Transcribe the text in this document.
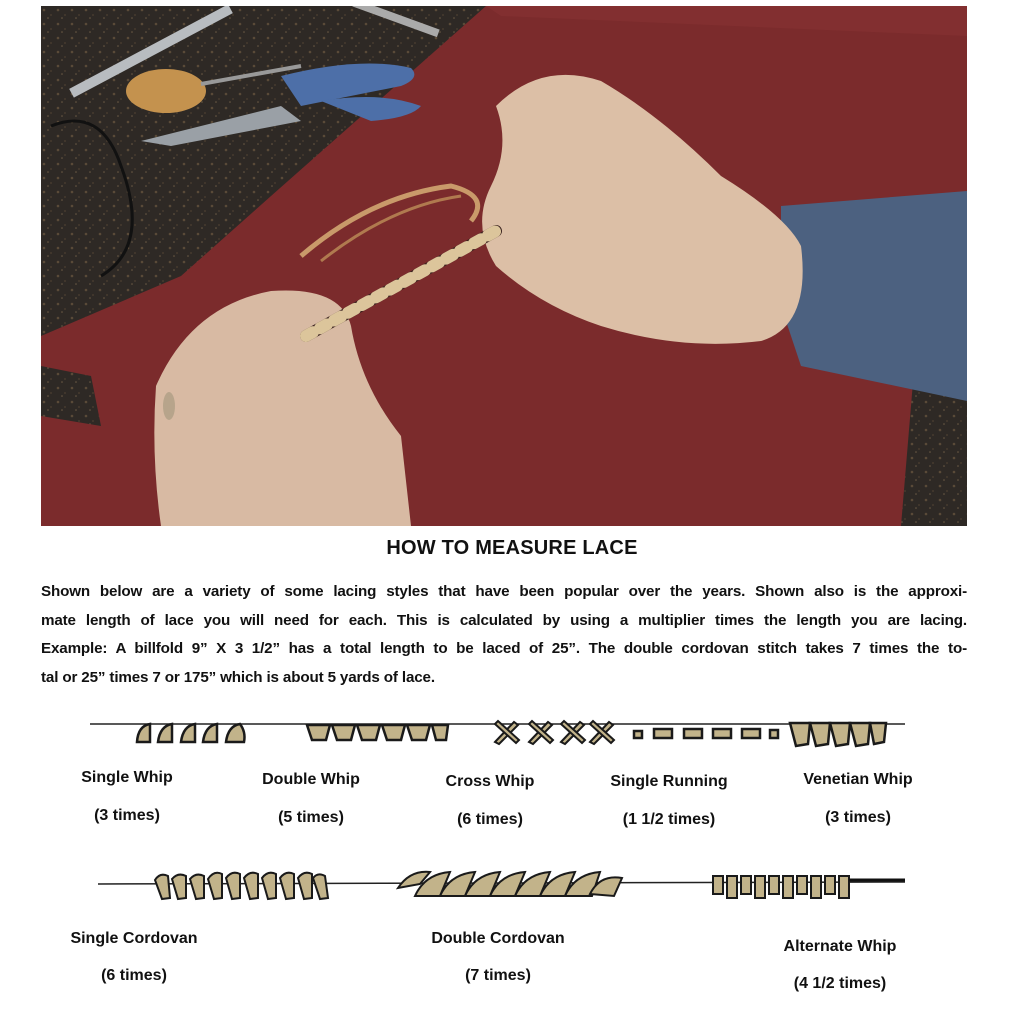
HOW TO MEASURE LACE
Shown below are a variety of some lacing styles that have been popular over the years. Shown also is the approxi-
mate length of lace you will need for each. This is calculated by using a multiplier times the length you are lacing.
Example: A billfold 9” X 3 1/2” has a total length to be laced of 25”. The double cordovan stitch takes 7 times the to-
tal or 25” times 7 or 175” which is about 5 yards of lace.
Single Whip
(3 times)
Double Whip
(5 times)
Cross Whip
(6 times)
Single Running
(1 1/2 times)
Venetian Whip
(3 times)
Single Cordovan
(6 times)
Double Cordovan
(7 times)
Alternate Whip
(4 1/2 times)
